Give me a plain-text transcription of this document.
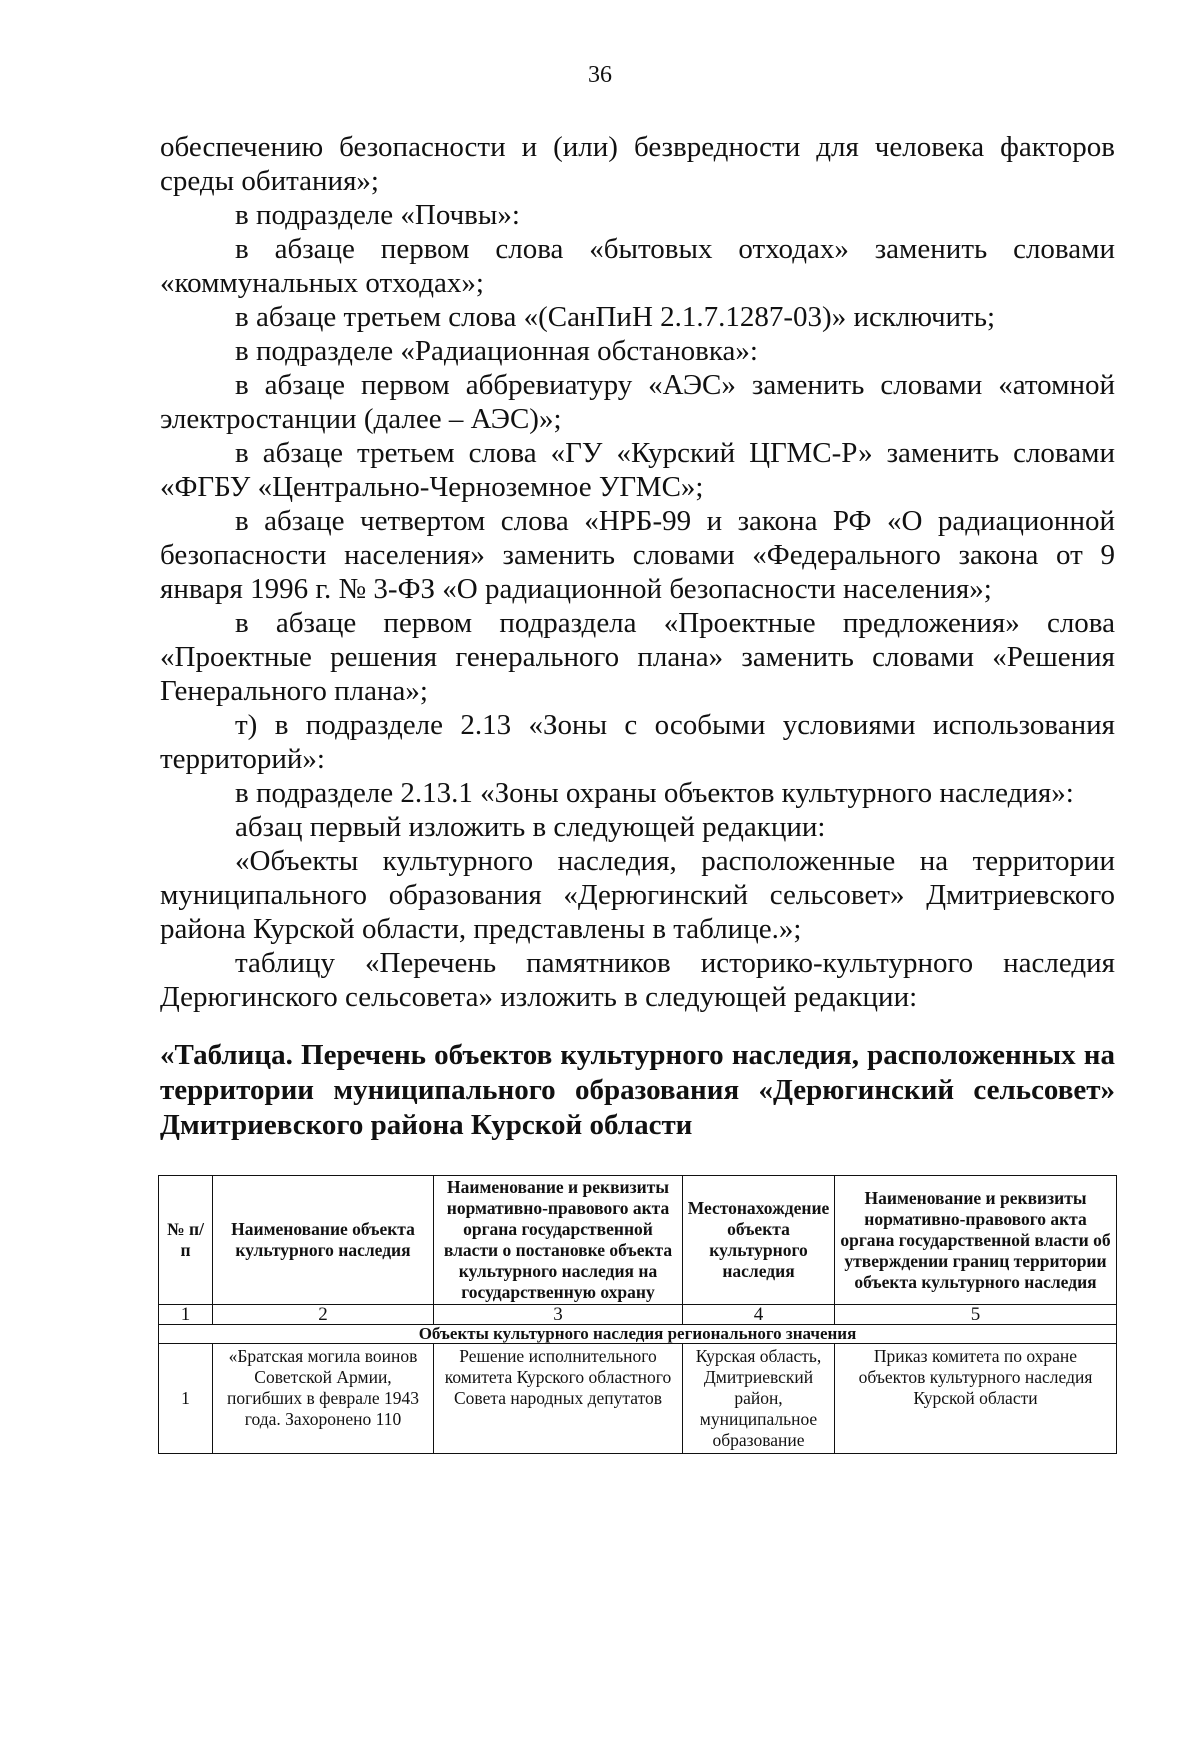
36

обеспечению безопасности и (или) безвредности для человека факторов среды обитания»;

в подразделе «Почвы»:

в абзаце первом слова «бытовых отходах» заменить словами «коммунальных отходах»;

в абзаце третьем слова «(СанПиН 2.1.7.1287-03)» исключить;

в подразделе «Радиационная обстановка»:

в абзаце первом аббревиатуру «АЭС» заменить словами «атомной электростанции (далее – АЭС)»;

в абзаце третьем слова «ГУ «Курский ЦГМС-Р» заменить словами «ФГБУ «Центрально-Черноземное УГМС»;

в абзаце четвертом слова «НРБ-99 и закона РФ «О радиационной безопасности населения» заменить словами «Федерального закона от 9 января 1996 г. № 3-ФЗ «О радиационной безопасности населения»;

в абзаце первом подраздела «Проектные предложения» слова «Проектные решения генерального плана» заменить словами «Решения Генерального плана»;

т) в подразделе 2.13 «Зоны с особыми условиями использования территорий»:

в подразделе 2.13.1 «Зоны охраны объектов культурного наследия»:

абзац первый изложить в следующей редакции:

«Объекты культурного наследия, расположенные на территории муниципального образования «Дерюгинский сельсовет» Дмитриевского района Курской области, представлены в таблице.»;

таблицу «Перечень памятников историко-культурного наследия Дерюгинского сельсовета» изложить в следующей редакции:

«Таблица. Перечень объектов культурного наследия, расположенных на территории муниципального образования «Дерюгинский сельсовет» Дмитриевского района Курской области

№ п/п	Наименование объекта культурного наследия	Наименование и реквизиты нормативно-правового акта органа государственной власти о постановке объекта культурного наследия на государственную охрану	Местонахождение объекта культурного наследия	Наименование и реквизиты нормативно-правового акта органа государственной власти об утверждении границ территории объекта культурного наследия
1	2	3	4	5
Объекты культурного наследия регионального значения				
1	«Братская могила воинов Советской Армии, погибших в феврале 1943 года. Захоронено 110	Решение исполнительного комитета Курского областного Совета народных депутатов	Курская область, Дмитриевский район, муниципальное образование	Приказ комитета по охране объектов культурного наследия Курской области
